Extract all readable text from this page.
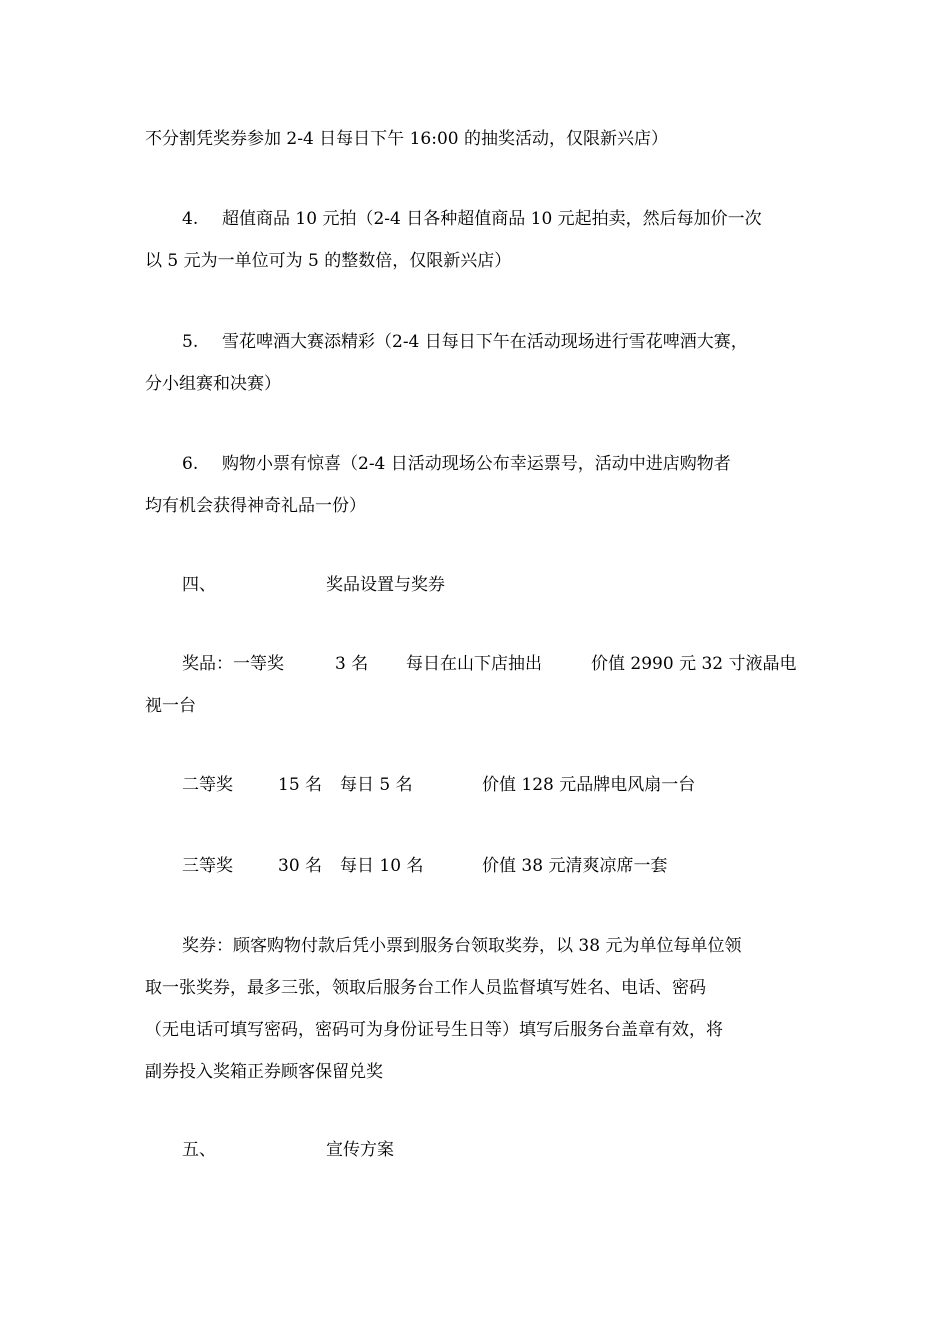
不分割凭奖券参加 2-4 日每日下午 16:00 的抽奖活动，仅限新兴店）
4. 超值商品 10 元拍（2-4 日各种超值商品 10 元起拍卖，然后每加价一次
以 5 元为一单位可为 5 的整数倍，仅限新兴店）
5. 雪花啤酒大赛添精彩（2-4 日每日下午在活动现场进行雪花啤酒大赛，
分小组赛和决赛）
6. 购物小票有惊喜（2-4 日活动现场公布幸运票号，活动中进店购物者
均有机会获得神奇礼品一份）
四、	奖品设置与奖券
奖品：一等奖	3 名 每日在山下店抽出	价值 2990 元 32 寸液晶电
视一台
二等奖	15 名 每日 5 名	价值 128 元品牌电风扇一台
三等奖	30 名 每日 10 名	价值 38 元清爽凉席一套
奖券：顾客购物付款后凭小票到服务台领取奖券，以 38 元为单位每单位领
取一张奖券，最多三张，领取后服务台工作人员监督填写姓名、电话、密码
（无电话可填写密码，密码可为身份证号生日等）填写后服务台盖章有效，将
副券投入奖箱正券顾客保留兑奖
五、	宣传方案
